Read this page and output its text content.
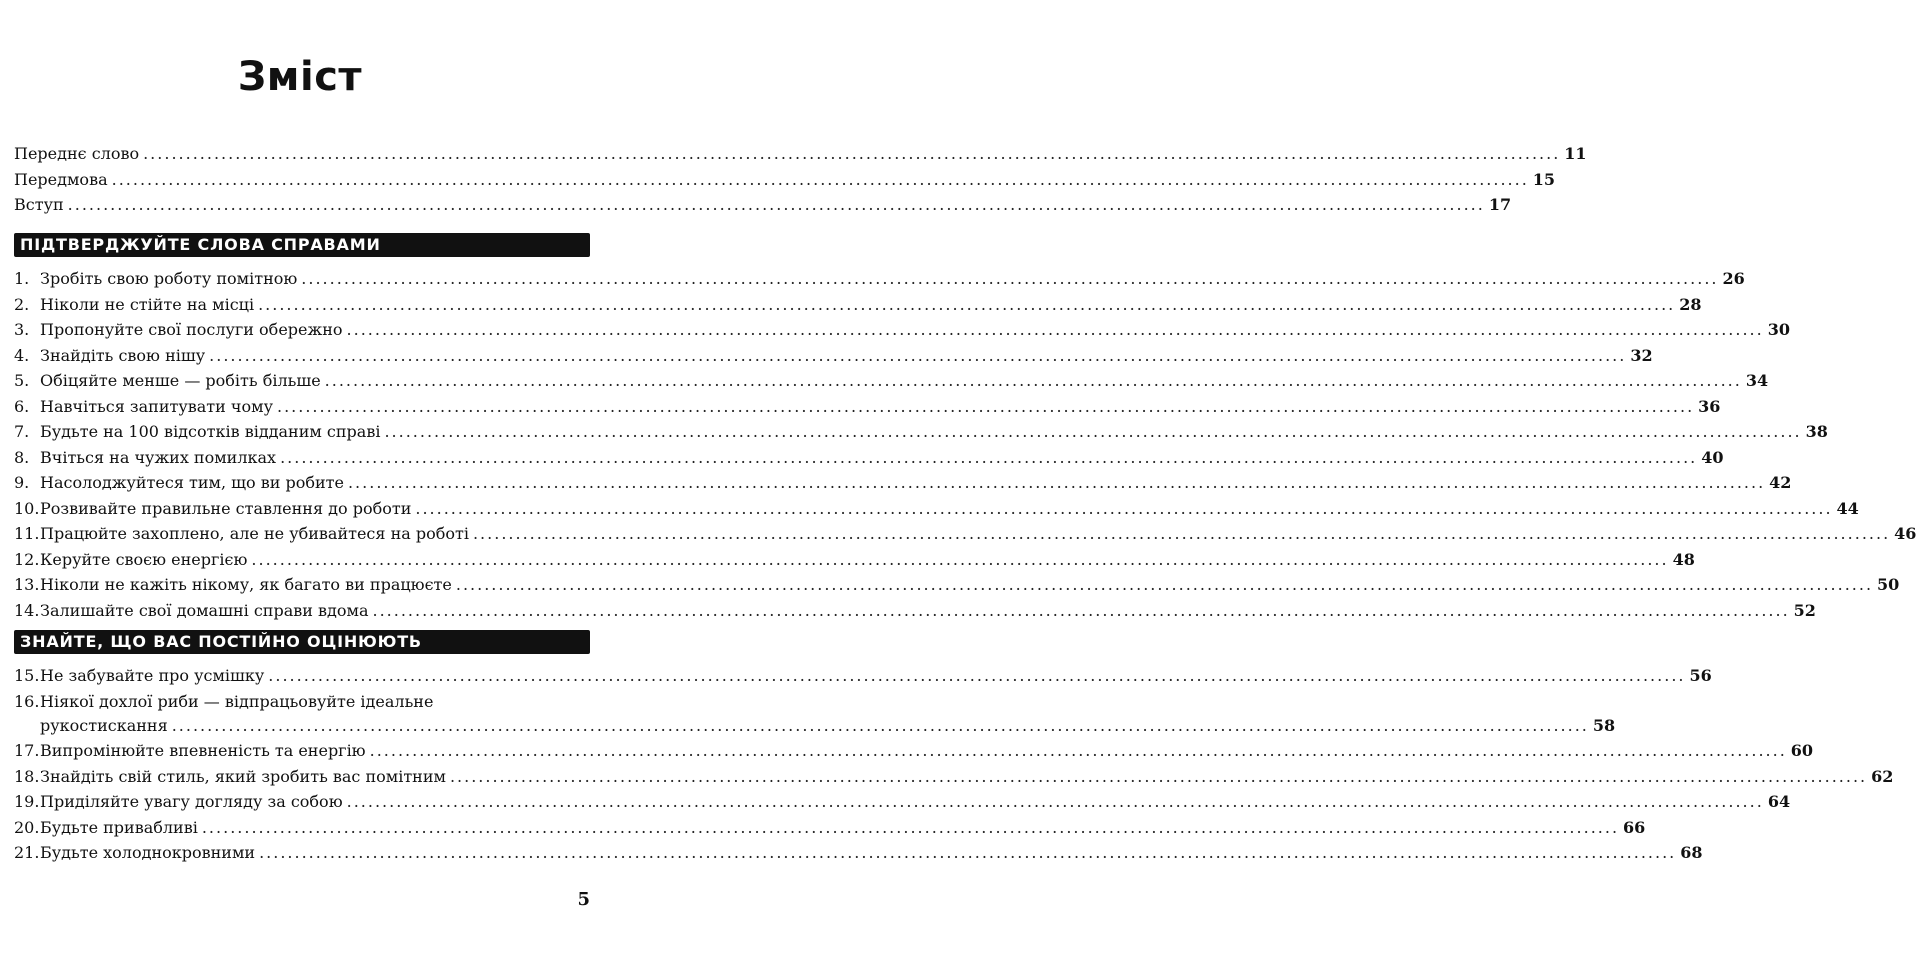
Зміст
Переднє слово ........................................................................................................................................................................................................ 11
Передмова ........................................................................................................................................................................................................ 15
Вступ ........................................................................................................................................................................................................ 17
ПІДТВЕРДЖУЙТЕ СЛОВА СПРАВАМИ
1. Зробіть свою роботу помітною ........................................................................................................................................................................................................ 26
2. Ніколи не стійте на місці ........................................................................................................................................................................................................ 28
3. Пропонуйте свої послуги обережно ........................................................................................................................................................................................................ 30
4. Знайдіть свою нішу ........................................................................................................................................................................................................ 32
5. Обіцяйте менше — робіть більше ........................................................................................................................................................................................................ 34
6. Навчіться запитувати чому ........................................................................................................................................................................................................ 36
7. Будьте на 100 відсотків відданим справі ........................................................................................................................................................................................................ 38
8. Вчіться на чужих помилках ........................................................................................................................................................................................................ 40
9. Насолоджуйтеся тим, що ви робите ........................................................................................................................................................................................................ 42
10. Розвивайте правильне ставлення до роботи ........................................................................................................................................................................................................ 44
11. Працюйте захоплено, але не убивайтеся на роботі ........................................................................................................................................................................................................ 46
12. Керуйте своєю енергією ........................................................................................................................................................................................................ 48
13. Ніколи не кажіть нікому, як багато ви працюєте ........................................................................................................................................................................................................ 50
14. Залишайте свої домашні справи вдома ........................................................................................................................................................................................................ 52
ЗНАЙТЕ, ЩО ВАС ПОСТІЙНО ОЦІНЮЮТЬ
15. Не забувайте про усмішку ........................................................................................................................................................................................................ 56
16. Ніякої дохлої риби — відпрацьовуйте ідеальне
рукостискання ........................................................................................................................................................................................................ 58
17. Випромінюйте впевненість та енергію ........................................................................................................................................................................................................ 60
18. Знайдіть свій стиль, який зробить вас помітним ........................................................................................................................................................................................................ 62
19. Приділяйте увагу догляду за собою ........................................................................................................................................................................................................ 64
20. Будьте привабливі ........................................................................................................................................................................................................ 66
21. Будьте холоднокровними ........................................................................................................................................................................................................ 68
5
